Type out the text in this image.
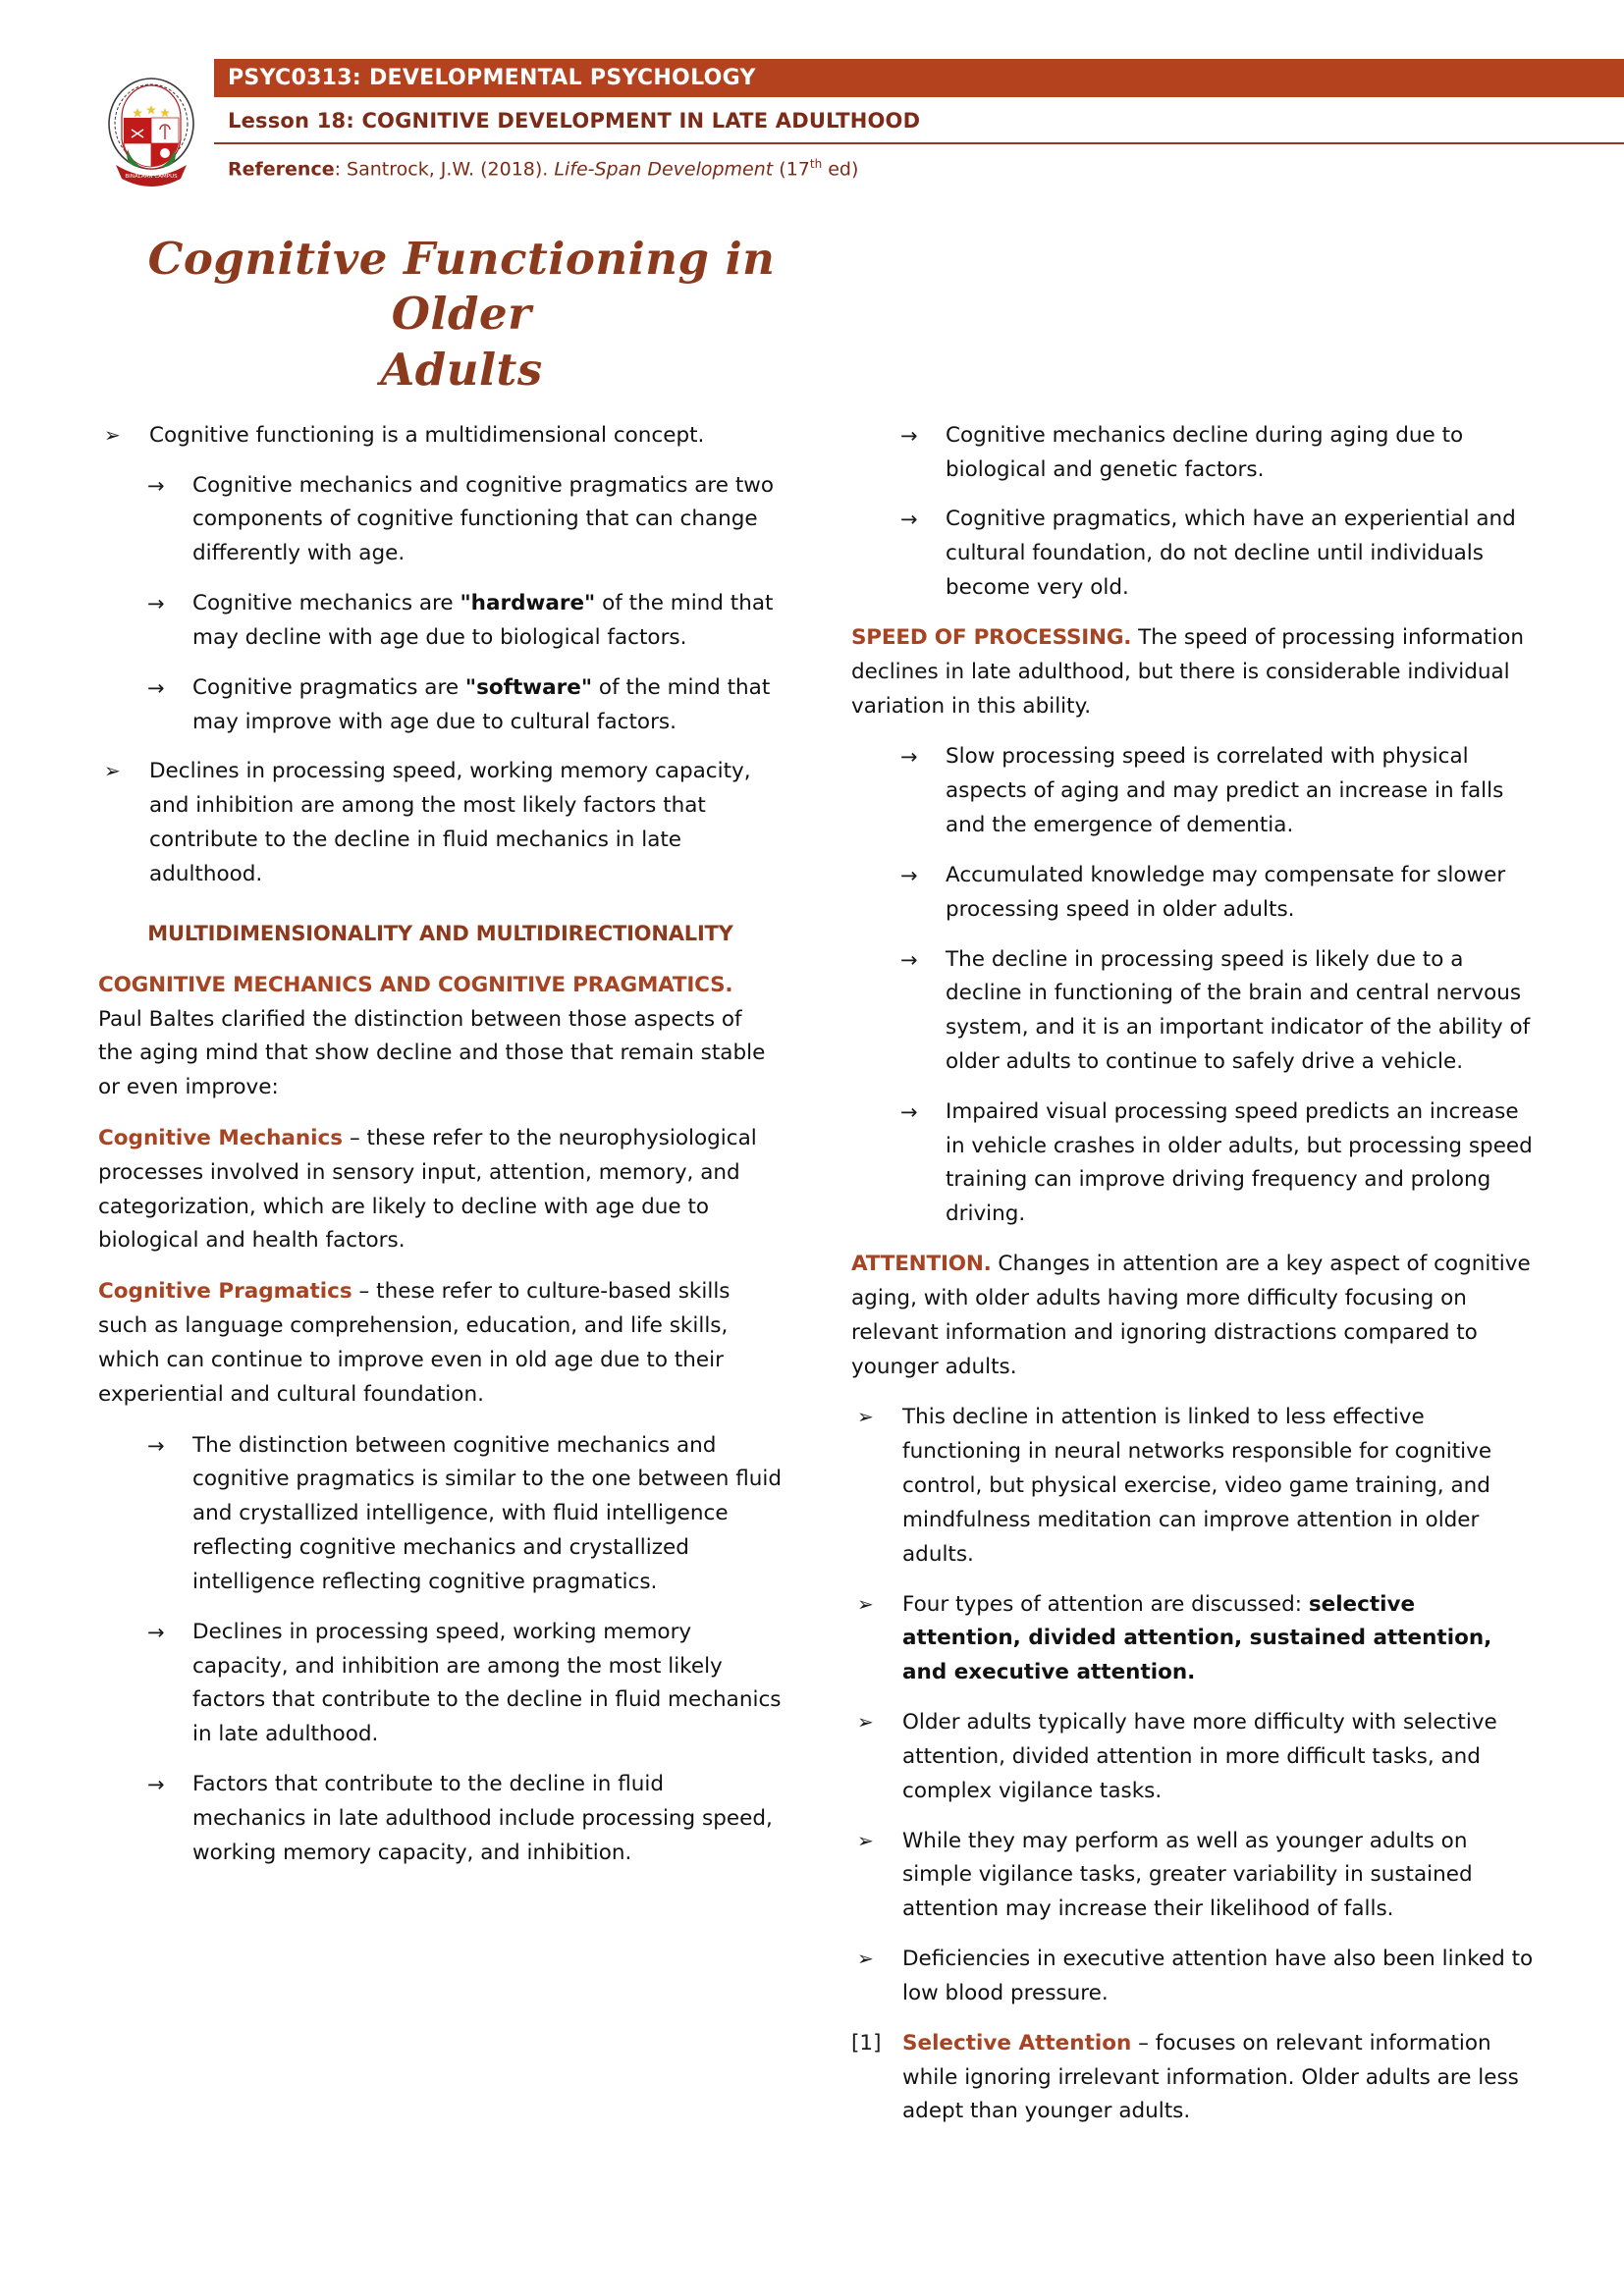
BINALAAN CAMPUS
PSYC0313: DEVELOPMENTAL PSYCHOLOGY
Lesson 18: COGNITIVE DEVELOPMENT IN LATE ADULTHOOD
Reference: Santrock, J.W. (2018). Life-Span Development (17th ed)
Cognitive Functioning in Older
Adults
➢	Cognitive functioning is a multidimensional concept.
→	Cognitive mechanics and cognitive pragmatics are two components of cognitive functioning that can change differently with age.
→	Cognitive mechanics are "hardware" of the mind that may decline with age due to biological factors.
→	Cognitive pragmatics are "software" of the mind that may improve with age due to cultural factors.
➢	Declines in processing speed, working memory capacity, and inhibition are among the most likely factors that contribute to the decline in fluid mechanics in late adulthood.
MULTIDIMENSIONALITY AND MULTIDIRECTIONALITY

COGNITIVE MECHANICS AND COGNITIVE PRAGMATICS. Paul Baltes clarified the distinction between those aspects of the aging mind that show decline and those that remain stable or even improve:

Cognitive Mechanics – these refer to the neurophysiological processes involved in sensory input, attention, memory, and categorization, which are likely to decline with age due to biological and health factors.

Cognitive Pragmatics – these refer to culture-based skills such as language comprehension, education, and life skills, which can continue to improve even in old age due to their experiential and cultural foundation.

→	The distinction between cognitive mechanics and cognitive pragmatics is similar to the one between fluid and crystallized intelligence, with fluid intelligence reflecting cognitive mechanics and crystallized intelligence reflecting cognitive pragmatics.
→	Declines in processing speed, working memory capacity, and inhibition are among the most likely factors that contribute to the decline in fluid mechanics in late adulthood.
→	Factors that contribute to the decline in fluid mechanics in late adulthood include processing speed, working memory capacity, and inhibition.
→	Cognitive mechanics decline during aging due to biological and genetic factors.
→	Cognitive pragmatics, which have an experiential and cultural foundation, do not decline until individuals become very old.

SPEED OF PROCESSING. The speed of processing information declines in late adulthood, but there is considerable individual variation in this ability.

→	Slow processing speed is correlated with physical aspects of aging and may predict an increase in falls and the emergence of dementia.
→	Accumulated knowledge may compensate for slower processing speed in older adults.
→	The decline in processing speed is likely due to a decline in functioning of the brain and central nervous system, and it is an important indicator of the ability of older adults to continue to safely drive a vehicle.
→	Impaired visual processing speed predicts an increase in vehicle crashes in older adults, but processing speed training can improve driving frequency and prolong driving.

ATTENTION. Changes in attention are a key aspect of cognitive aging, with older adults having more difficulty focusing on relevant information and ignoring distractions compared to younger adults.

➢	This decline in attention is linked to less effective functioning in neural networks responsible for cognitive control, but physical exercise, video game training, and mindfulness meditation can improve attention in older adults.
➢	Four types of attention are discussed: selective attention, divided attention, sustained attention, and executive attention.
➢	Older adults typically have more difficulty with selective attention, divided attention in more difficult tasks, and complex vigilance tasks.
➢	While they may perform as well as younger adults on simple vigilance tasks, greater variability in sustained attention may increase their likelihood of falls.
➢	Deficiencies in executive attention have also been linked to low blood pressure.
[1]	Selective Attention – focuses on relevant information while ignoring irrelevant information. Older adults are less adept than younger adults.
